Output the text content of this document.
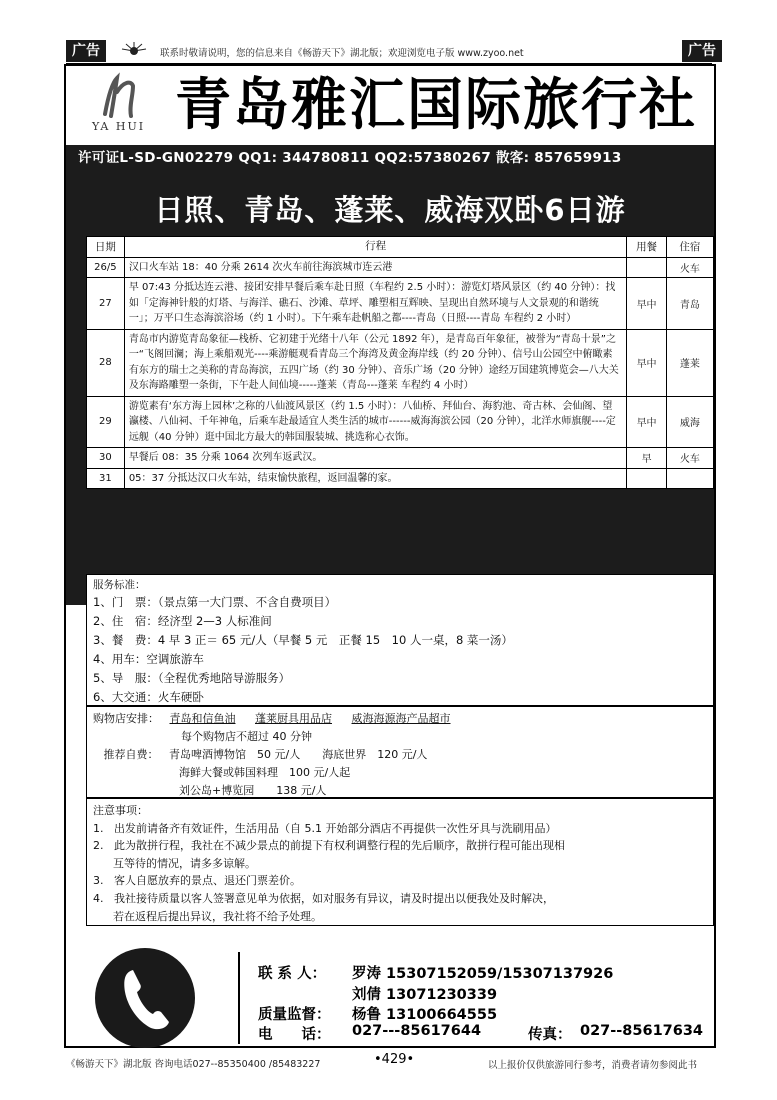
广告	联系时敬请说明，您的信息来自《畅游天下》湖北版；欢迎浏览电子版 www.zyoo.net	广告
YA HUI 青岛雅汇国际旅行社
许可证L-SD-GN02279 QQ1: 344780811 QQ2:57380267 散客: 857659913
日照、青岛、蓬莱、威海双卧6日游
日期	行程	用餐	住宿
26/5	汉口火车站 18：40 分乘 2614 次火车前往海滨城市连云港		火车
27	早 07:43 分抵达连云港、接团安排早餐后乘车赴日照（车程约 2.5 小时）：游览灯塔风景区（约 40 分钟）：找如「定海神针般的灯塔、与海洋、礁石、沙滩、草坪、雕塑相互辉映、呈现出自然环境与人文景观的和谐统一」；万平口生态海滨浴场（约 1 小时）。下午乘车赴帆船之都----青岛（日照----青岛 车程约 2 小时）	早中	青岛
28	青岛市内游览青岛象征—栈桥、它初建于光绪十八年（公元 1892 年），是青岛百年象征，被誉为“青岛十景”之一“飞阁回澜；海上乘船观光----乘游艇观看青岛三个海湾及黄金海岸线（约 20 分钟）、信号山公园空中俯瞰素有东方的瑞士之美称的青岛海滨，五四广场（约 30 分钟）、音乐广场（20 分钟）途经万国建筑博览会—八大关及东海路雕塑一条街，下午赴人间仙境-----蓬莱（青岛---蓬莱 车程约 4 小时）	早中	蓬莱
29	游览素有‘东方海上园林’之称的八仙渡风景区（约 1.5 小时）：八仙桥、拜仙台、海豹池、奇古林、会仙阁、望瀛楼、八仙祠、千年神龟，后乘车赴最适宜人类生活的城市------威海海滨公园（20 分钟），北洋水师旗舰----定远舰（40 分钟）逛中国北方最大的韩国服装城、挑选称心衣饰。	早中	威海
30	早餐后 08：35 分乘 1064 次列车返武汉。	早	火车
31	05：37 分抵达汉口火车站，结束愉快旅程，返回温馨的家。		
服务标准：
1、门　票：（景点第一大门票、不含自费项目）
2、住　宿：经济型 2—3 人标准间
3、餐　费：4 早 3 正＝ 65 元/人（早餐 5 元　正餐 15　10 人一桌，8 菜一汤）
4、用车：空调旅游车
5、导　服：（全程优秀地陪导游服务）
6、大交通：火车硬卧
购物店安排： 青岛和信鱼油 蓬莱厨具用品店 威海海源海产品超市
每个购物店不超过 40 分钟
推荐自费： 青岛啤酒博物馆　50 元/人　　海底世界　120 元/人
海鲜大餐或韩国料理　100 元/人起
刘公岛+博览园　　138 元/人
注意事项：
1. 出发前请备齐有效证件，生活用品（自 5.1 开始部分酒店不再提供一次性牙具与洗刷用品）
2. 此为散拼行程，我社在不减少景点的前提下有权利调整行程的先后顺序，散拼行程可能出现相
互等待的情况，请多多谅解。
3. 客人自愿放弃的景点、退还门票差价。
4. 我社接待质量以客人签署意见单为依据，如对服务有异议，请及时提出以便我处及时解决，
若在返程后提出异议，我社将不给予处理。
联 系 人： 罗涛 15307152059/15307137926
刘倩 13071230339
质量监督： 杨鲁 13100664555
电　　话： 027---85617644	传真： 027--85617634
《畅游天下》湖北版 咨询电话027--85350400 /85483227	•429•	以上报价仅供旅游同行参考，消费者请勿参阅此书
